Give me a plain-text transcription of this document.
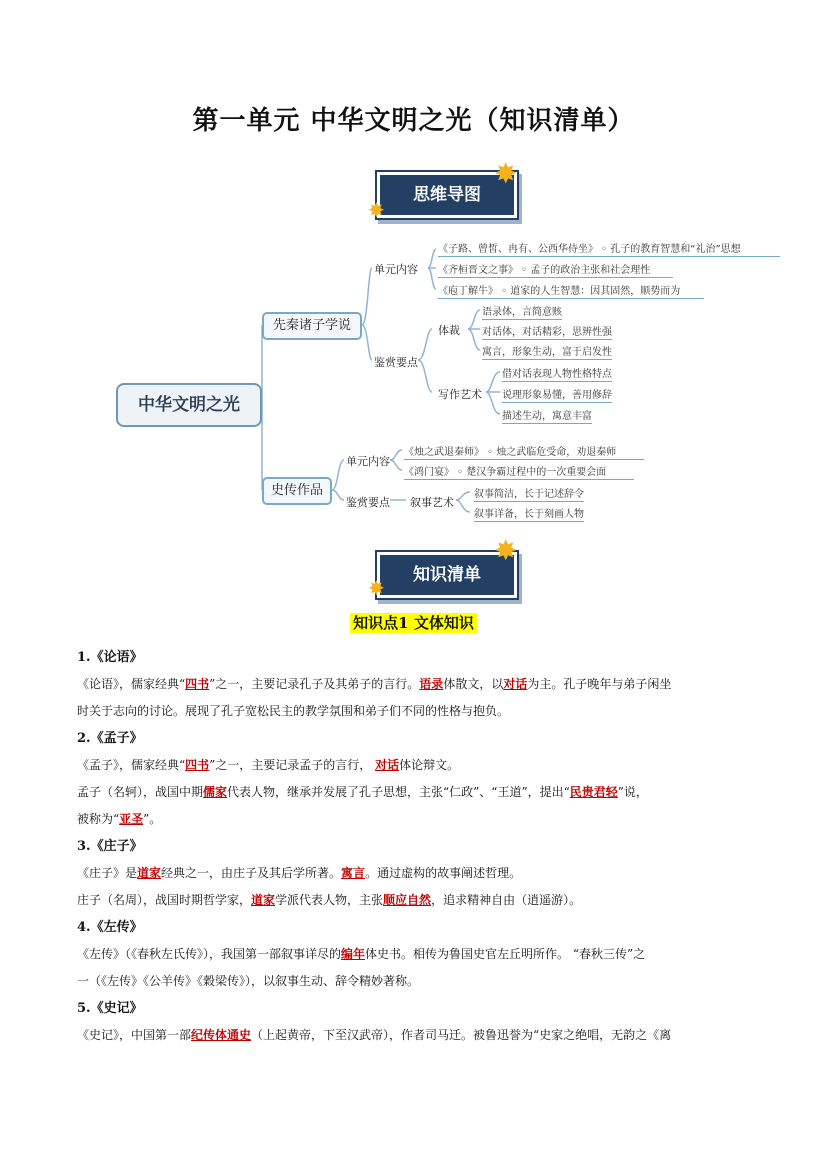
第一单元 中华文明之光（知识清单）
思维导图
✸
✸
中华文明之光
先秦诸子学说
单元内容
《子路、曾皙、冉有、公西华侍坐》 ◦ 孔子的教育智慧和“礼治”思想
《齐桓晋文之事》 ◦ 孟子的政治主张和社会理性
《庖丁解牛》 ◦ 道家的人生智慧：因其固然，顺势而为
鉴赏要点
体裁
语录体，言简意赅
对话体，对话精彩，思辨性强
寓言，形象生动，富于启发性
写作艺术
借对话表现人物性格特点
说理形象易懂，善用修辞
描述生动，寓意丰富
史传作品
单元内容
《烛之武退秦师》 ◦ 烛之武临危受命，劝退秦师
《鸿门宴》 ◦ 楚汉争霸过程中的一次重要会面
鉴赏要点 叙事艺术
叙事简洁，长于记述辞令
叙事详备，长于刻画人物
知识清单
✸
✸
知识点1 文体知识
1.《论语》
《论语》，儒家经典“四书”之一，主要记录孔子及其弟子的言行。语录体散文，以对话为主。孔子晚年与弟子闲坐
时关于志向的讨论。展现了孔子宽松民主的教学氛围和弟子们不同的性格与抱负。
2.《孟子》
《孟子》，儒家经典“四书”之一，主要记录孟子的言行， 对话体论辩文。
孟子（名轲），战国中期儒家代表人物，继承并发展了孔子思想，主张“仁政”、“王道”，提出“民贵君轻”说，
被称为“亚圣”。
3.《庄子》
《庄子》是道家经典之一，由庄子及其后学所著。寓言。通过虚构的故事阐述哲理。
庄子（名周），战国时期哲学家，道家学派代表人物，主张顺应自然，追求精神自由（逍遥游）。
4.《左传》
《左传》（《春秋左氏传》），我国第一部叙事详尽的编年体史书。相传为鲁国史官左丘明所作。 “春秋三传”之
一（《左传》《公羊传》《穀梁传》），以叙事生动、辞令精妙著称。
5.《史记》
《史记》，中国第一部纪传体通史（上起黄帝，下至汉武帝），作者司马迁。被鲁迅誉为“史家之绝唱，无韵之《离
